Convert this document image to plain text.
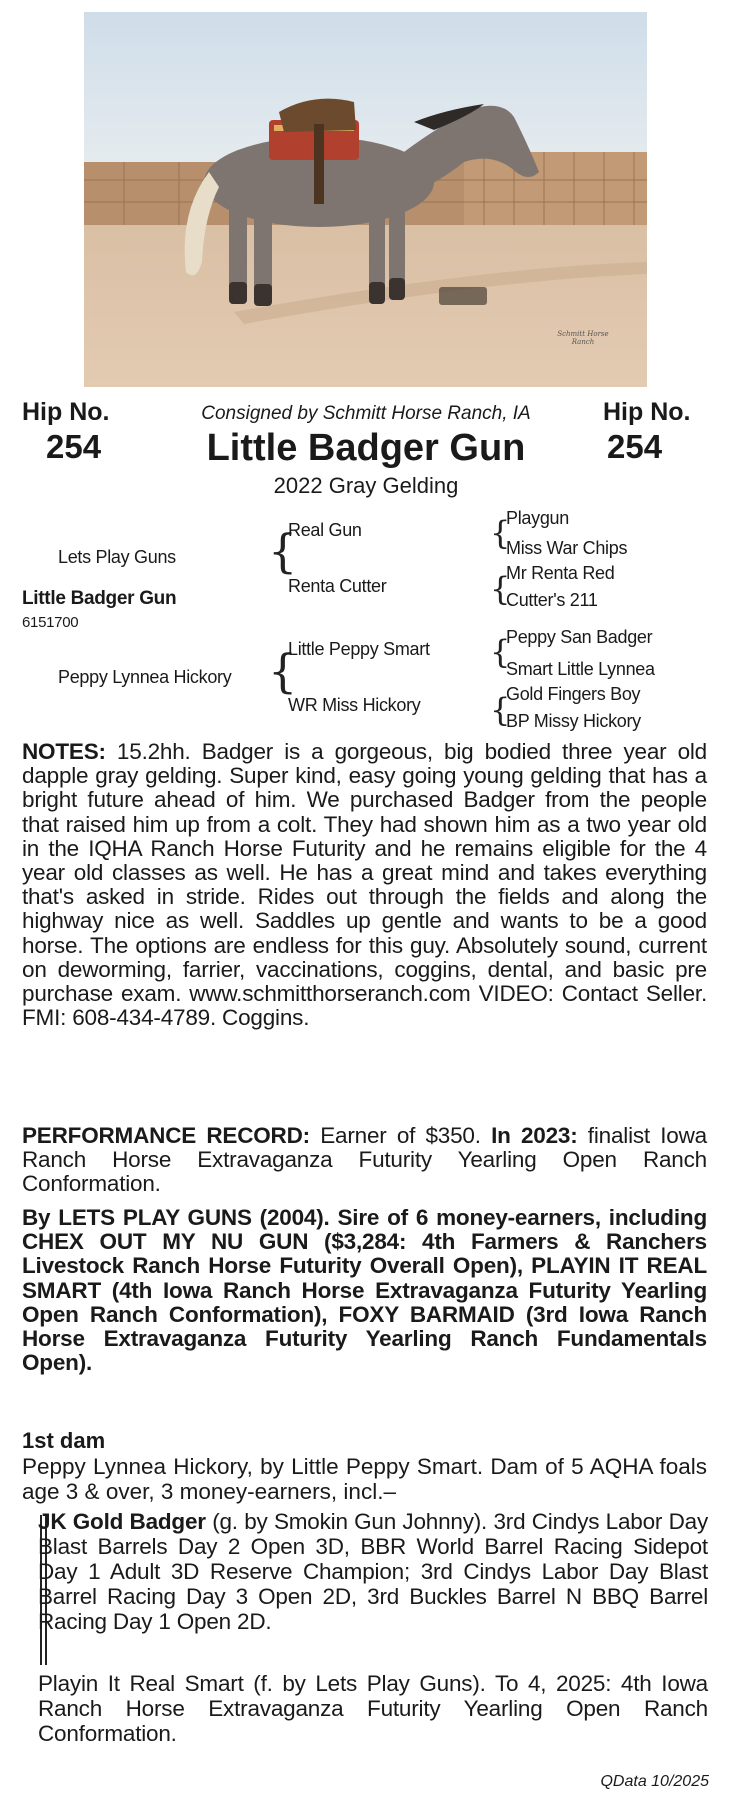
Schmitt Horse Ranch
Hip No.
254
Consigned by Schmitt Horse Ranch, IA
Little Badger Gun
2022 Gray Gelding
Hip No.
254
Lets Play Guns
Little Badger Gun
6151700
Peppy Lynnea Hickory
{
Real Gun
Renta Cutter
{
Little Peppy Smart
WR Miss Hickory
{
Playgun
Miss War Chips
{
Mr Renta Red
Cutter's 211
{
Peppy San Badger
Smart Little Lynnea
{
Gold Fingers Boy
BP Missy Hickory
NOTES: 15.2hh. Badger is a gorgeous, big bodied three year old dapple gray gelding. Super kind, easy going young gelding that has a bright future ahead of him. We purchased Badger from the people that raised him up from a colt. They had shown him as a two year old in the IQHA Ranch Horse Futurity and he remains eligible for the 4 year old classes as well. He has a great mind and takes everything that's asked in stride. Rides out through the fields and along the highway nice as well. Saddles up gentle and wants to be a good horse. The options are endless for this guy. Absolutely sound, current on deworming, farrier, vaccinations, coggins, dental, and basic pre purchase exam. www.schmitthorseranch.com VIDEO: Contact Seller. FMI: 608-434-4789. Coggins.
PERFORMANCE RECORD: Earner of $350. In 2023: finalist Iowa Ranch Horse Extravaganza Futurity Yearling Open Ranch Conformation.
By LETS PLAY GUNS (2004). Sire of 6 money-earners, including CHEX OUT MY NU GUN ($3,284: 4th Farmers & Ranchers Livestock Ranch Horse Futurity Overall Open), PLAYIN IT REAL SMART (4th Iowa Ranch Horse Extravaganza Futurity Yearling Open Ranch Conformation), FOXY BARMAID (3rd Iowa Ranch Horse Extravaganza Futurity Yearling Ranch Fundamentals Open).
1st dam
Peppy Lynnea Hickory, by Little Peppy Smart. Dam of 5 AQHA foals age 3 & over, 3 money-earners, incl.–
JK Gold Badger (g. by Smokin Gun Johnny). 3rd Cindys Labor Day Blast Barrels Day 2 Open 3D, BBR World Barrel Racing Sidepot Day 1 Adult 3D Reserve Champion; 3rd Cindys Labor Day Blast Barrel Racing Day 3 Open 2D, 3rd Buckles Barrel N BBQ Barrel Racing Day 1 Open 2D.
Playin It Real Smart (f. by Lets Play Guns). To 4, 2025: 4th Iowa Ranch Horse Extravaganza Futurity Yearling Open Ranch Conformation.
QData 10/2025
